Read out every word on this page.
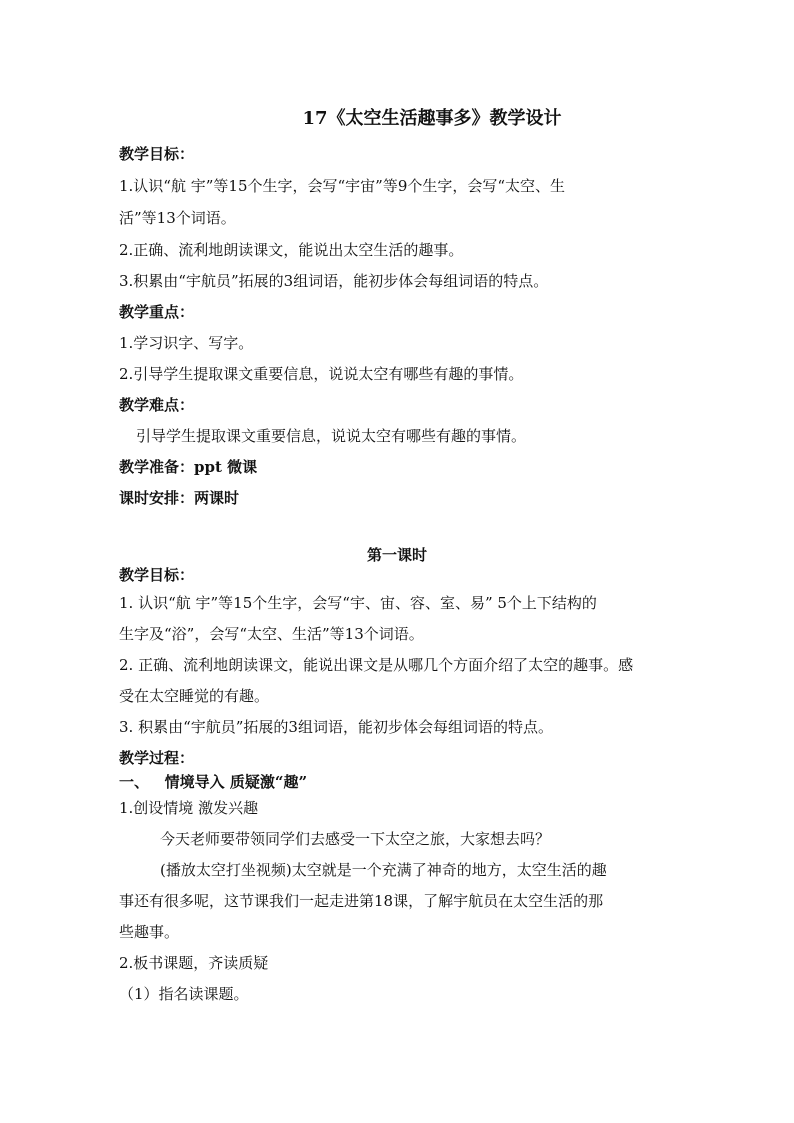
17《太空生活趣事多》教学设计
教学目标：
1.认识“航 宇”等15个生字，会写“宇宙”等9个生字，会写“太空、生
活”等13个词语。
2.正确、流利地朗读课文，能说出太空生活的趣事。
3.积累由“宇航员”拓展的3组词语，能初步体会每组词语的特点。
教学重点：
1.学习识字、写字。
2.引导学生提取课文重要信息，说说太空有哪些有趣的事情。
教学难点：
引导学生提取课文重要信息，说说太空有哪些有趣的事情。
教学准备：ppt 微课
课时安排：两课时
第一课时
教学目标：
1. 认识“航 宇”等15个生字，会写“宇、宙、容、室、易” 5个上下结构的
生字及“浴”，会写“太空、生活”等13个词语。
2. 正确、流利地朗读课文，能说出课文是从哪几个方面介绍了太空的趣事。感
受在太空睡觉的有趣。
3. 积累由“宇航员”拓展的3组词语，能初步体会每组词语的特点。
教学过程：
一、   情境导入 质疑激“趣”
1.创设情境 激发兴趣
今天老师要带领同学们去感受一下太空之旅，大家想去吗？
(播放太空打坐视频)太空就是一个充满了神奇的地方，太空生活的趣
事还有很多呢，这节课我们一起走进第18课，了解宇航员在太空生活的那
些趣事。
2.板书课题，齐读质疑
（1）指名读课题。
